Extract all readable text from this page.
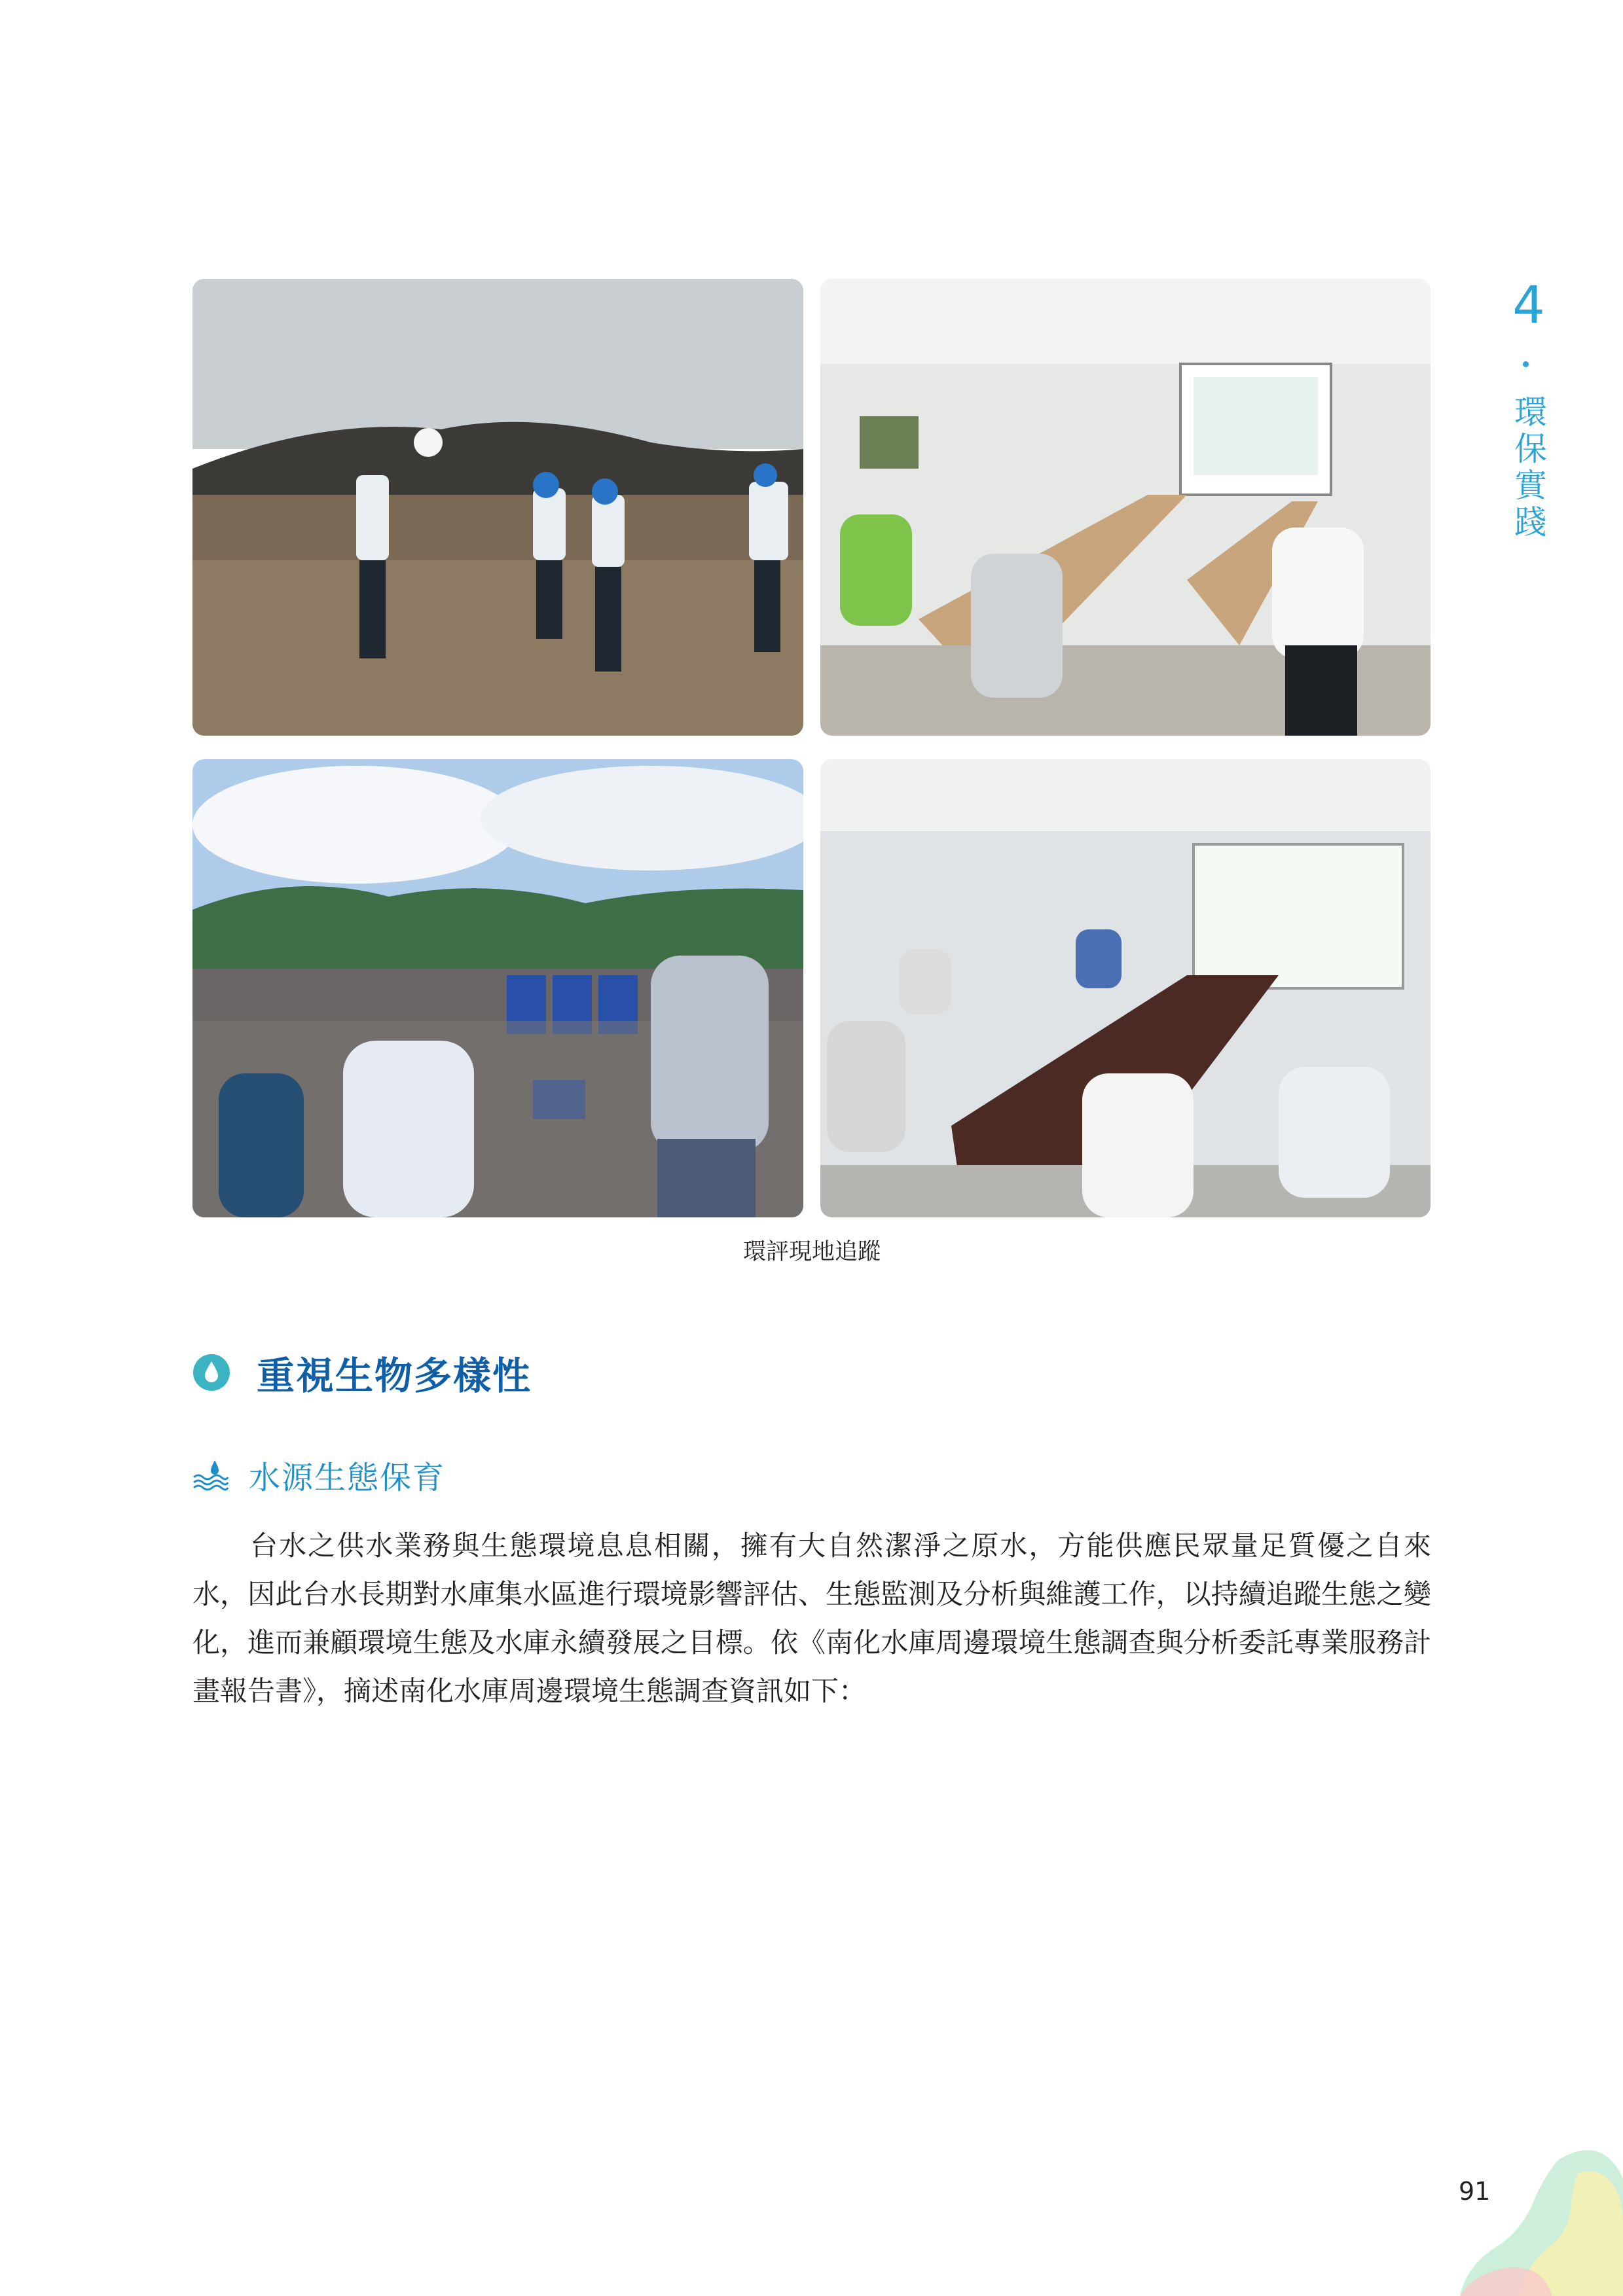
環評現地追蹤
4
環保實踐
重視生物多樣性
水源生態保育

台水之供水業務與生態環境息息相關，擁有大自然潔淨之原水，方能供應民眾量足質優之自來水，因此台水長期對水庫集水區進行環境影響評估、生態監測及分析與維護工作，以持續追蹤生態之變化，進而兼顧環境生態及水庫永續發展之目標。依《南化水庫周邊環境生態調查與分析委託專業服務計畫報告書》，摘述南化水庫周邊環境生態調查資訊如下：

91
